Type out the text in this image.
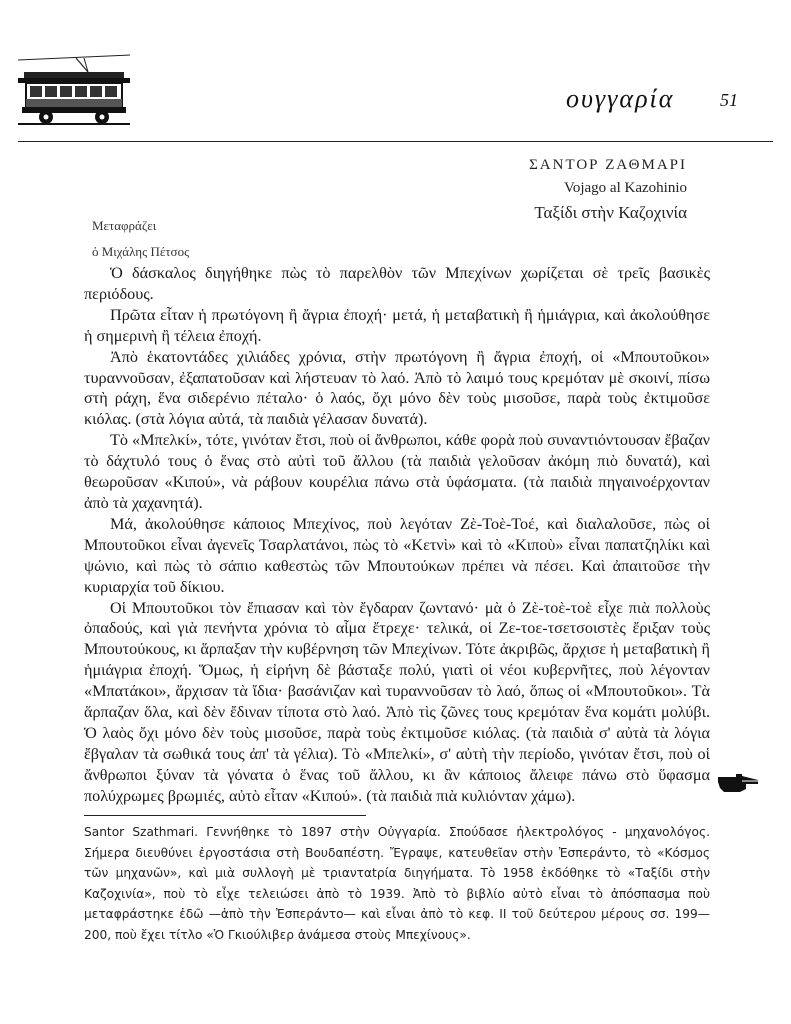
ουγγαρία	51
ΣΑΝΤΟΡ ΖΑΘΜΑΡΙ
Vojago al Kazohinio
Ταξίδι στὴν Καζοχινία
Μεταφράζει
ὁ Μιχάλης Πέτσος

Ὁ δάσκαλος διηγήθηκε πὼς τὸ παρελθὸν τῶν Μπεχίνων χωρίζεται σὲ τρεῖς βασικὲς περιόδους.

Πρῶτα εἶταν ἡ πρωτόγονη ἢ ἄγρια ἐποχή· μετά, ἡ μεταβατικὴ ἢ ἡμιάγρια, καὶ ἀκολούθησε ἡ σημερινὴ ἢ τέλεια ἐποχή.

Ἀπὸ ἑκατοντάδες χιλιάδες χρόνια, στὴν πρωτόγονη ἢ ἄγρια ἐποχή, οἱ «Μπουτοῦκοι» τυραννοῦσαν, ἐξαπατοῦσαν καὶ λήστευαν τὸ λαό. Ἀπὸ τὸ λαιμό τους κρεμόταν μὲ σκοινί, πίσω στὴ ράχη, ἕνα σιδερένιο πέταλο· ὁ λαός, ὄχι μόνο δὲν τοὺς μισοῦσε, παρὰ τοὺς ἐκτιμοῦσε κιόλας. (στὰ λόγια αὐτά, τὰ παιδιὰ γέλασαν δυνατά).

Τὸ «Μπελκί», τότε, γινόταν ἔτσι, ποὺ οἱ ἄνθρωποι, κάθε φορὰ ποὺ συναντιόντουσαν ἔβαζαν τὸ δάχτυλό τους ὁ ἕνας στὸ αὐτὶ τοῦ ἄλλου (τὰ παιδιὰ γελοῦσαν ἀκόμη πιὸ δυνατά), καὶ θεωροῦσαν «Κιπού», νὰ ράβουν κουρέλια πάνω στὰ ὑφάσματα. (τὰ παιδιὰ πηγαινοέρχονταν ἀπὸ τὰ χαχανητά).

Μά, ἀκολούθησε κάποιος Μπεχίνος, ποὺ λεγόταν Ζὲ-Τοὲ-Τοέ, καὶ διαλαλοῦσε, πὼς οἱ Μπουτοῦκοι εἶναι ἀγενεῖς Τσαρλατάνοι, πὼς τὸ «Κετνὶ» καὶ τὸ «Κιποὺ» εἶναι παπατζηλίκι καὶ ψώνιο, καὶ πὼς τὸ σάπιο καθεστὼς τῶν Μπουτούκων πρέπει νὰ πέσει. Καὶ ἀπαιτοῦσε τὴν κυριαρχία τοῦ δίκιου.

Οἱ Μπουτοῦκοι τὸν ἔπιασαν καὶ τὸν ἔγδαραν ζωντανό· μὰ ὁ Ζὲ-τοὲ-τοὲ εἶχε πιὰ πολλοὺς ὀπαδούς, καὶ γιὰ πενήντα χρόνια τὸ αἷμα ἔτρεχε· τελικά, οἱ Ζε-τοε-τσετσοιστὲς ἔριξαν τοὺς Μπουτούκους, κι ἅρπαξαν τὴν κυβέρνηση τῶν Μπεχίνων. Τότε ἀκριβῶς, ἄρχισε ἡ μεταβατικὴ ἢ ἡμιάγρια ἐποχή. Ὅμως, ἡ εἰρήνη δὲ βάσταξε πολύ, γιατὶ οἱ νέοι κυβερνῆτες, ποὺ λέγονταν «Μπατάκοι», ἄρχισαν τὰ ἴδια· βασάνιζαν καὶ τυραννοῦσαν τὸ λαό, ὅπως οἱ «Μπουτοῦκοι». Τὰ ἅρπαζαν ὅλα, καὶ δὲν ἔδιναν τίποτα στὸ λαό. Ἀπὸ τὶς ζῶνες τους κρεμόταν ἕνα κομάτι μολύβι. Ὁ λαὸς ὄχι μόνο δὲν τοὺς μισοῦσε, παρὰ τοὺς ἐκτιμοῦσε κιόλας. (τὰ παιδιὰ σ' αὐτὰ τὰ λόγια ἔβγαλαν τὰ σωθικά τους ἀπ' τὰ γέλια). Τὸ «Μπελκί», σ' αὐτὴ τὴν περίοδο, γινόταν ἔτσι, ποὺ οἱ ἄνθρωποι ξύναν τὰ γόνατα ὁ ἕνας τοῦ ἄλλου, κι ἂν κάποιος ἄλειφε πάνω στὸ ὕφασμα πολύχρωμες βρωμιές, αὐτὸ εἶταν «Κιπού». (τὰ παιδιὰ πιὰ κυλιόνταν χάμω).

Santor Szathmari. Γεννήθηκε τὸ 1897 στὴν Οὐγγαρία. Σπούδασε ἠλεκτρολόγος - μηχανολόγος. Σήμερα διευθύνει ἐργοστάσια στὴ Βουδαπέστη. Ἔγραψε, κατευθεῖαν στὴν Ἐσπεράντο, τὸ «Κόσμος τῶν μηχανῶν», καὶ μιὰ συλλογὴ μὲ τριανταtρία διηγήματα. Τὸ 1958 ἐκδόθηκε τὸ «Ταξίδι στὴν Καζοχινία», ποὺ τὸ εἶχε τελειώσει ἀπὸ τὸ 1939. Ἀπὸ τὸ βιβλίο αὐτὸ εἶναι τὸ ἀπόσπασμα ποὺ μεταφράστηκε ἐδῶ —ἀπὸ τὴν Ἐσπεράντο— καὶ εἶναι ἀπὸ τὸ κεφ. ΙΙ τοῦ δεύτερου μέρους σσ. 199—200, ποὺ ἔχει τίτλο «Ὁ Γκιούλιβερ ἀνάμεσα στοὺς Μπεχίνους».
